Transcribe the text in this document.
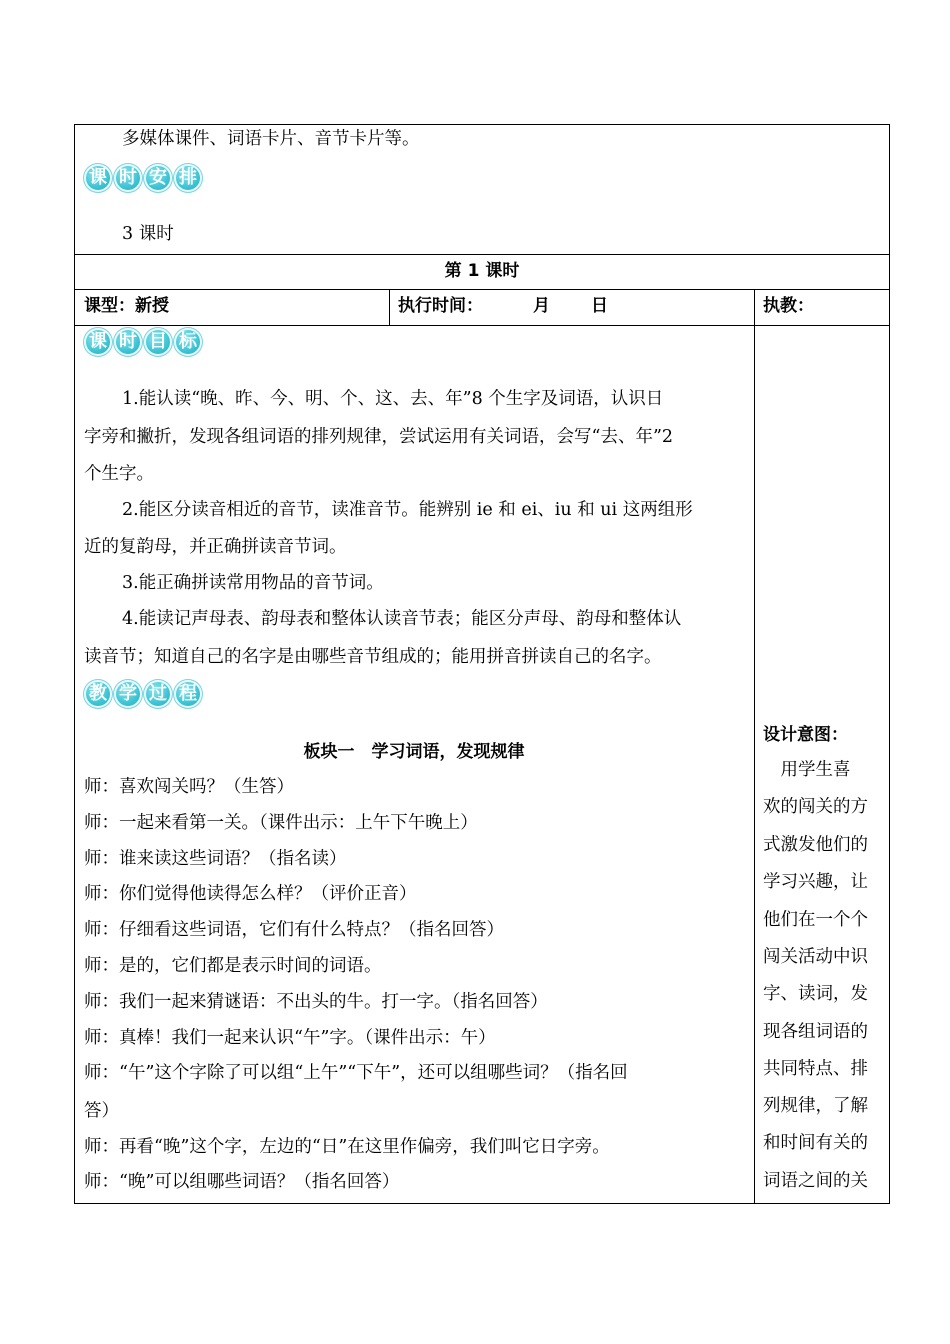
多媒体课件、词语卡片、音节卡片等。
课 时 安 排
3 课时
第 1 课时
课型：新授	执行时间：	月 日	执教：
课 时 目 标
1.能认读“晚、昨、今、明、个、这、去、年”8 个生字及词语，认识日
字旁和撇折，发现各组词语的排列规律，尝试运用有关词语，会写“去、年”2
个生字。
2.能区分读音相近的音节，读准音节。能辨别 ie 和 ei、iu 和 ui 这两组形
近的复韵母，并正确拼读音节词。
3.能正确拼读常用物品的音节词。
4.能读记声母表、韵母表和整体认读音节表；能区分声母、韵母和整体认
读音节；知道自己的名字是由哪些音节组成的；能用拼音拼读自己的名字。
教 学 过 程
板块一　学习词语，发现规律
师：喜欢闯关吗？（生答）
师：一起来看第一关。（课件出示：上午下午晚上）
师：谁来读这些词语？（指名读）
师：你们觉得他读得怎么样？（评价正音）
师：仔细看这些词语，它们有什么特点？（指名回答）
师：是的，它们都是表示时间的词语。
师：我们一起来猜谜语：不出头的牛。打一字。（指名回答）
师：真棒！我们一起来认识“午”字。（课件出示：午）
师：“午”这个字除了可以组“上午”“下午”，还可以组哪些词？（指名回
答）
师：再看“晚”这个字，左边的“日”在这里作偏旁，我们叫它日字旁。
师：“晚”可以组哪些词语？（指名回答）
设计意图：
　用学生喜
欢的闯关的方
式激发他们的
学习兴趣，让
他们在一个个
闯关活动中识
字、读词，发
现各组词语的
共同特点、排
列规律，了解
和时间有关的
词语之间的关
